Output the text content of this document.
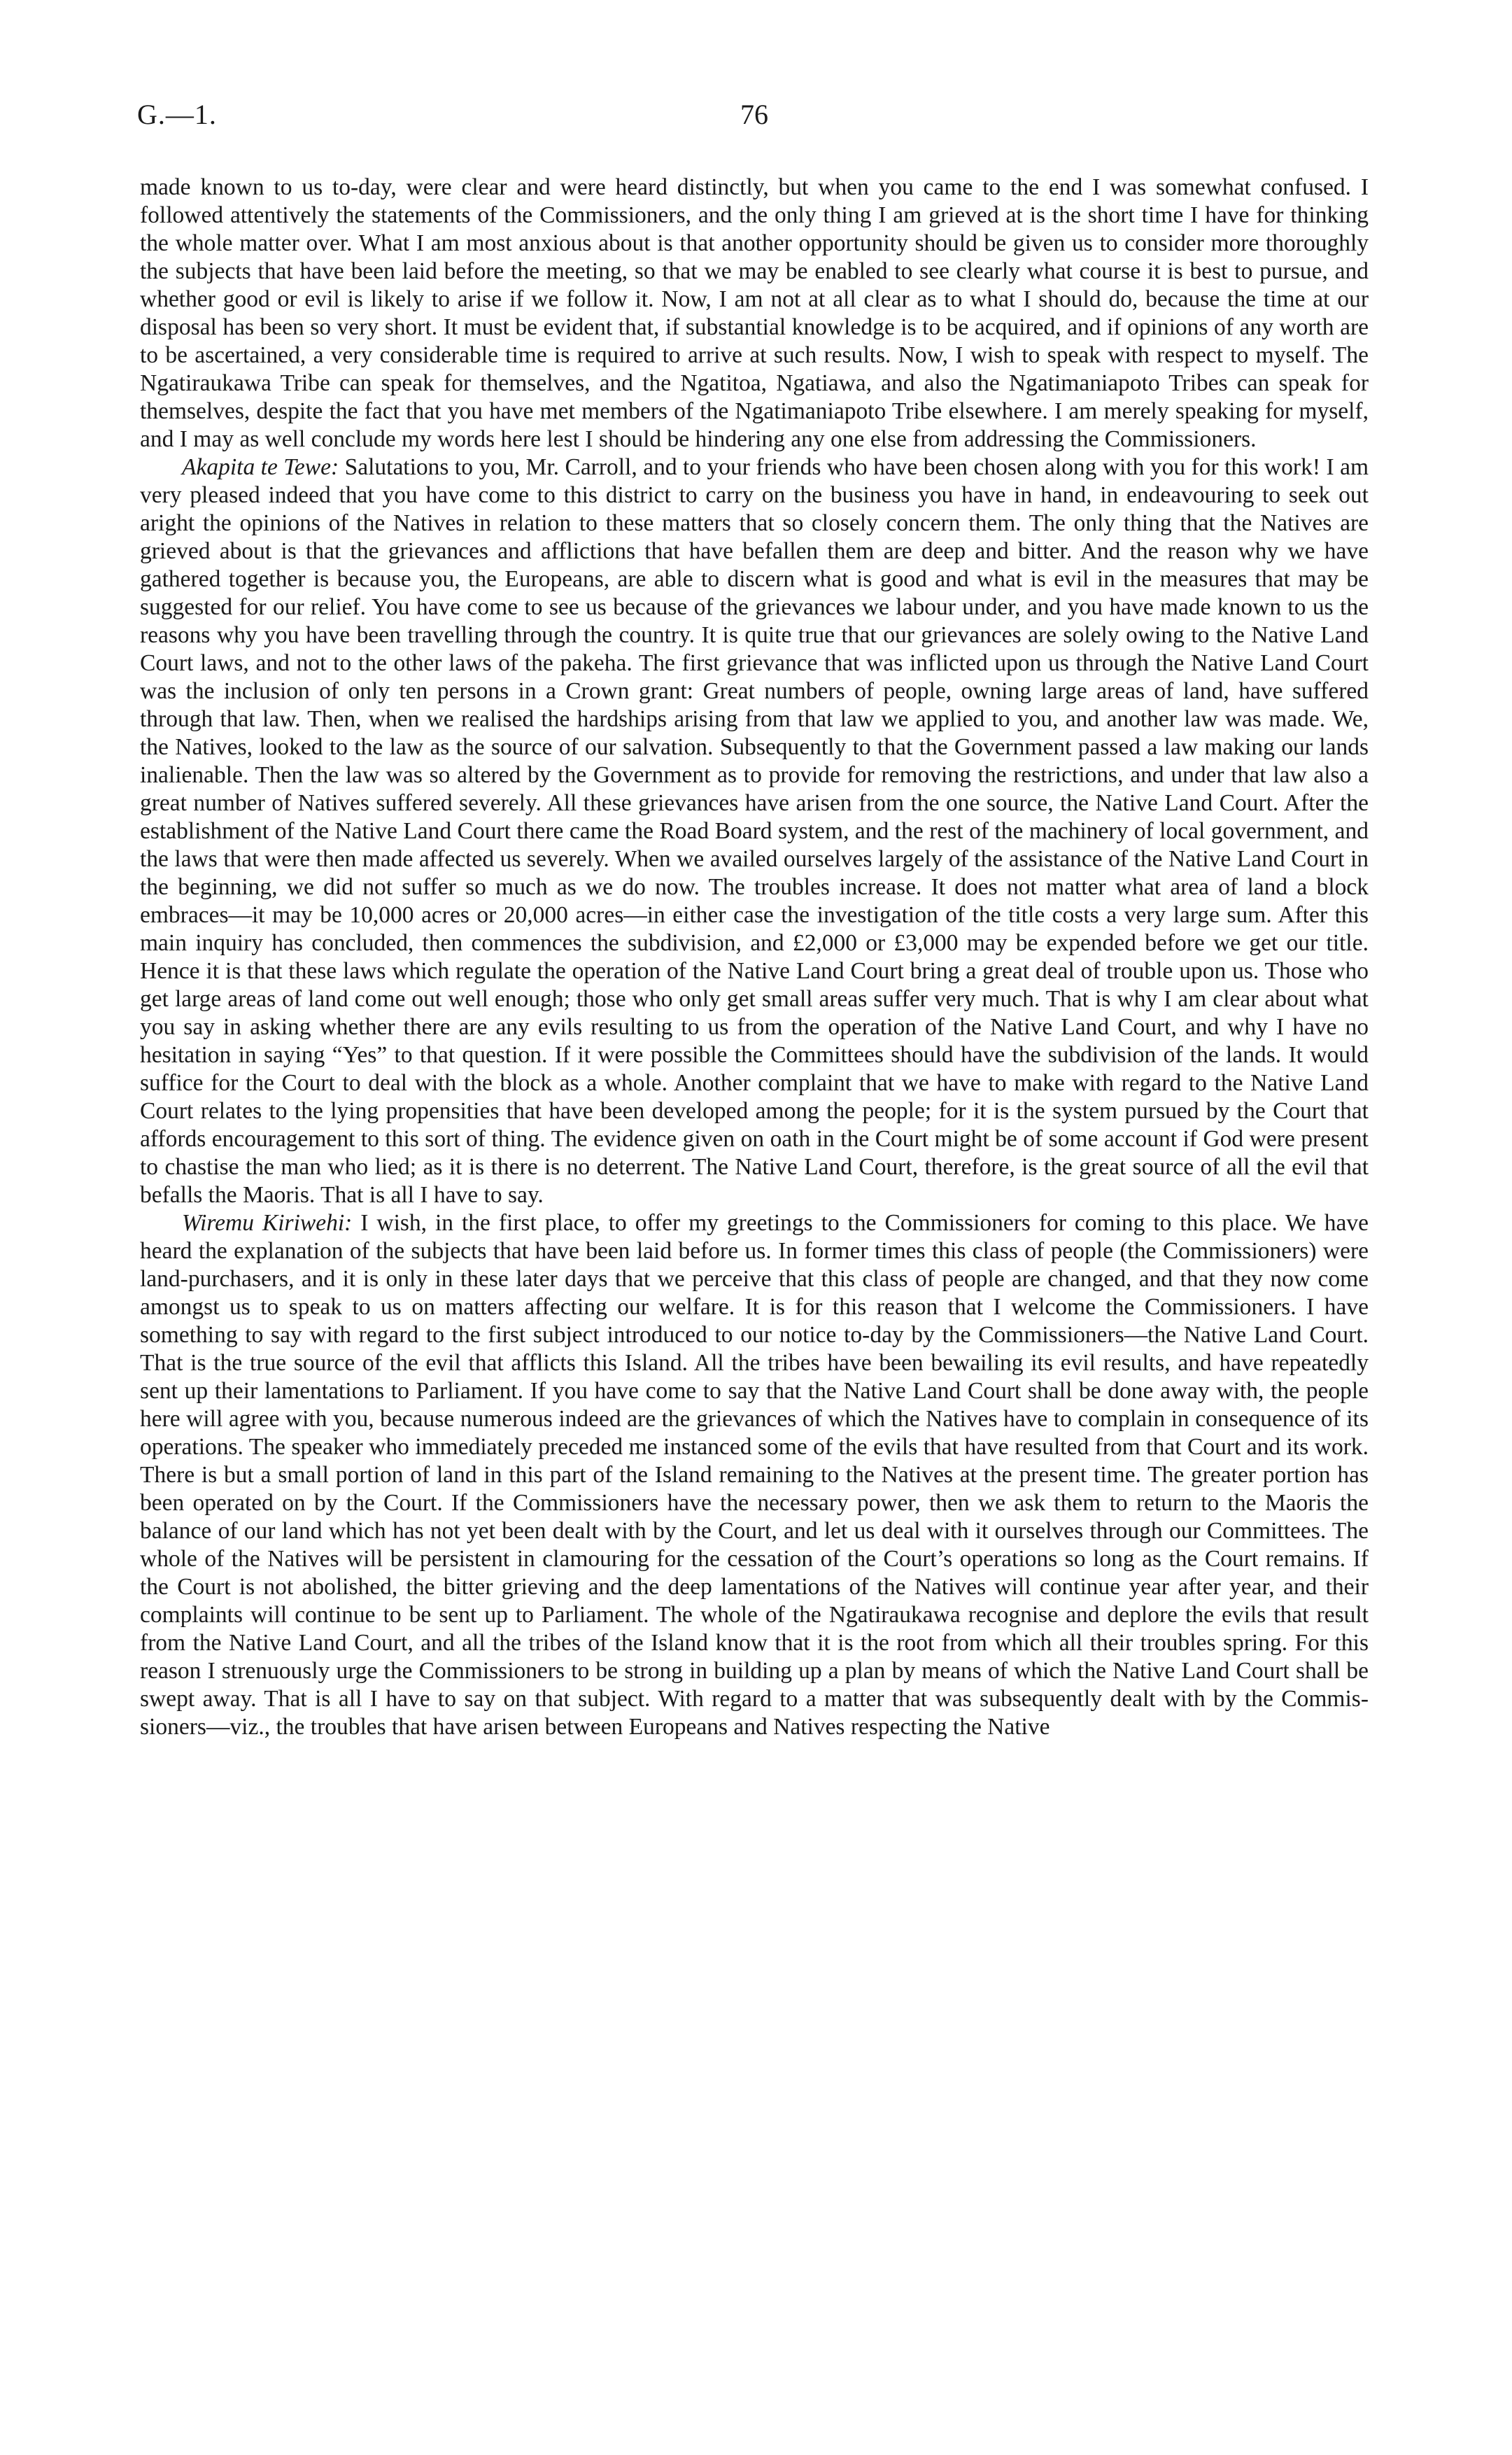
G.—1.	76

made known to us to-day, were clear and were heard distinctly, but when you came to the end I was somewhat confused. I followed attentively the statements of the Commissioners, and the only thing I am grieved at is the short time I have for thinking the whole matter over. What I am most anxious about is that another opportunity should be given us to consider more thoroughly the subjects that have been laid before the meeting, so that we may be enabled to see clearly what course it is best to pursue, and whether good or evil is likely to arise if we follow it. Now, I am not at all clear as to what I should do, because the time at our disposal has been so very short. It must be evident that, if substantial knowledge is to be acquired, and if opinions of any worth are to be ascertained, a very considerable time is required to arrive at such results. Now, I wish to speak with respect to myself. The Ngatiraukawa Tribe can speak for themselves, and the Ngatitoa, Ngatiawa, and also the Ngatimaniapoto Tribes can speak for themselves, despite the fact that you have met members of the Ngatimaniapoto Tribe elsewhere. I am merely speaking for myself, and I may as well conclude my words here lest I should be hindering any one else from addressing the Commissioners.

Akapita te Tewe: Salutations to you, Mr. Carroll, and to your friends who have been chosen along with you for this work! I am very pleased indeed that you have come to this district to carry on the business you have in hand, in endeavouring to seek out aright the opinions of the Natives in relation to these matters that so closely concern them. The only thing that the Natives are grieved about is that the grievances and afflictions that have befallen them are deep and bitter. And the reason why we have gathered together is because you, the Europeans, are able to discern what is good and what is evil in the measures that may be suggested for our relief. You have come to see us because of the grievances we labour under, and you have made known to us the reasons why you have been travelling through the country. It is quite true that our grievances are solely owing to the Native Land Court laws, and not to the other laws of the pakeha. The first grievance that was inflicted upon us through the Native Land Court was the inclusion of only ten persons in a Crown grant: Great numbers of people, owning large areas of land, have suffered through that law. Then, when we realised the hardships arising from that law we applied to you, and another law was made. We, the Natives, looked to the law as the source of our salvation. Subsequently to that the Government passed a law making our lands inalienable. Then the law was so altered by the Government as to provide for removing the restrictions, and under that law also a great number of Natives suffered severely. All these grievances have arisen from the one source, the Native Land Court. After the establishment of the Native Land Court there came the Road Board system, and the rest of the machinery of local government, and the laws that were then made affected us severely. When we availed ourselves largely of the assistance of the Native Land Court in the beginning, we did not suffer so much as we do now. The troubles increase. It does not matter what area of land a block embraces—it may be 10,000 acres or 20,000 acres—in either case the investigation of the title costs a very large sum. After this main inquiry has concluded, then commences the subdivision, and £2,000 or £3,000 may be expended before we get our title. Hence it is that these laws which regulate the operation of the Native Land Court bring a great deal of trouble upon us. Those who get large areas of land come out well enough; those who only get small areas suffer very much. That is why I am clear about what you say in asking whether there are any evils resulting to us from the operation of the Native Land Court, and why I have no hesitation in saying “Yes” to that question. If it were possible the Committees should have the subdivision of the lands. It would suffice for the Court to deal with the block as a whole. Another complaint that we have to make with regard to the Native Land Court relates to the lying propensities that have been developed among the people; for it is the system pursued by the Court that affords encouragement to this sort of thing. The evidence given on oath in the Court might be of some account if God were present to chastise the man who lied; as it is there is no deterrent. The Native Land Court, therefore, is the great source of all the evil that befalls the Maoris. That is all I have to say.

Wiremu Kiriwehi: I wish, in the first place, to offer my greetings to the Commissioners for coming to this place. We have heard the explanation of the subjects that have been laid before us. In former times this class of people (the Commissioners) were land-purchasers, and it is only in these later days that we perceive that this class of people are changed, and that they now come amongst us to speak to us on matters affecting our welfare. It is for this reason that I welcome the Commissioners. I have something to say with regard to the first subject introduced to our notice to-day by the Commissioners—the Native Land Court. That is the true source of the evil that afflicts this Island. All the tribes have been bewailing its evil results, and have repeatedly sent up their lamentations to Parliament. If you have come to say that the Native Land Court shall be done away with, the people here will agree with you, because numerous indeed are the grievances of which the Natives have to complain in consequence of its operations. The speaker who immediately preceded me instanced some of the evils that have resulted from that Court and its work. There is but a small portion of land in this part of the Island remaining to the Natives at the present time. The greater portion has been operated on by the Court. If the Commissioners have the necessary power, then we ask them to return to the Maoris the balance of our land which has not yet been dealt with by the Court, and let us deal with it ourselves through our Committees. The whole of the Natives will be persistent in clamouring for the cessation of the Court’s operations so long as the Court remains. If the Court is not abolished, the bitter grieving and the deep lamentations of the Natives will continue year after year, and their complaints will continue to be sent up to Parliament. The whole of the Ngatiraukawa recognise and deplore the evils that result from the Native Land Court, and all the tribes of the Island know that it is the root from which all their troubles spring. For this reason I strenuously urge the Commissioners to be strong in building up a plan by means of which the Native Land Court shall be swept away. That is all I have to say on that subject. With regard to a matter that was subsequently dealt with by the Commissioners—viz., the troubles that have arisen between Europeans and Natives respecting the Native
